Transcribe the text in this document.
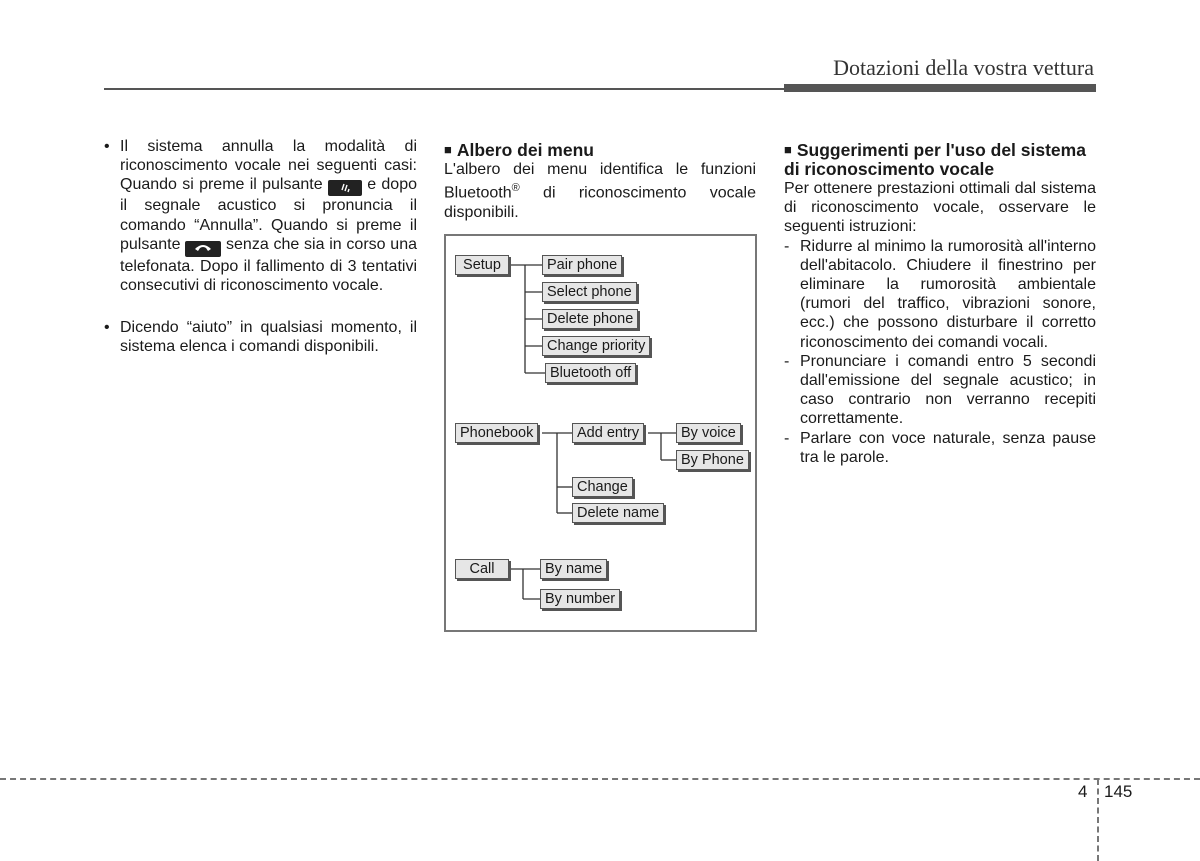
Dotazioni della vostra vettura
• Il sistema annulla la modalità di riconoscimento vocale nei seguenti casi: Quando si preme il pulsante	e dopo il segnale acustico si pronuncia il comando “Annulla”. Quando si preme il pulsante	senza che sia in corso una telefonata. Dopo il fallimento di 3 tentativi consecutivi di riconoscimento vocale.
• Dicendo “aiuto” in qualsiasi momento, il sistema elenca i comandi disponibili.

■ Albero dei menu

L'albero dei menu identifica le funzioni Bluetooth® di riconoscimento vocale disponibili.
Setup	Pair phone
Select phone
Delete phone
Change priority
Bluetooth off
Phonebook	Add entry	By voice
By Phone
Change
Delete name
Call	By name
By number

■ Suggerimenti per l'uso del sistema di riconoscimento vocale

Per ottenere prestazioni ottimali dal sistema di riconoscimento vocale, osservare le seguenti istruzioni:
- Ridurre al minimo la rumorosità all'interno dell'abitacolo. Chiudere il finestrino per eliminare la rumorosità ambientale (rumori del traffico, vibrazioni sonore, ecc.) che possono disturbare il corretto riconoscimento dei comandi vocali.
- Pronunciare i comandi entro 5 secondi dall'emissione del segnale acustico; in caso contrario non verranno recepiti correttamente.
- Parlare con voce naturale, senza pause tra le parole.
4 145
